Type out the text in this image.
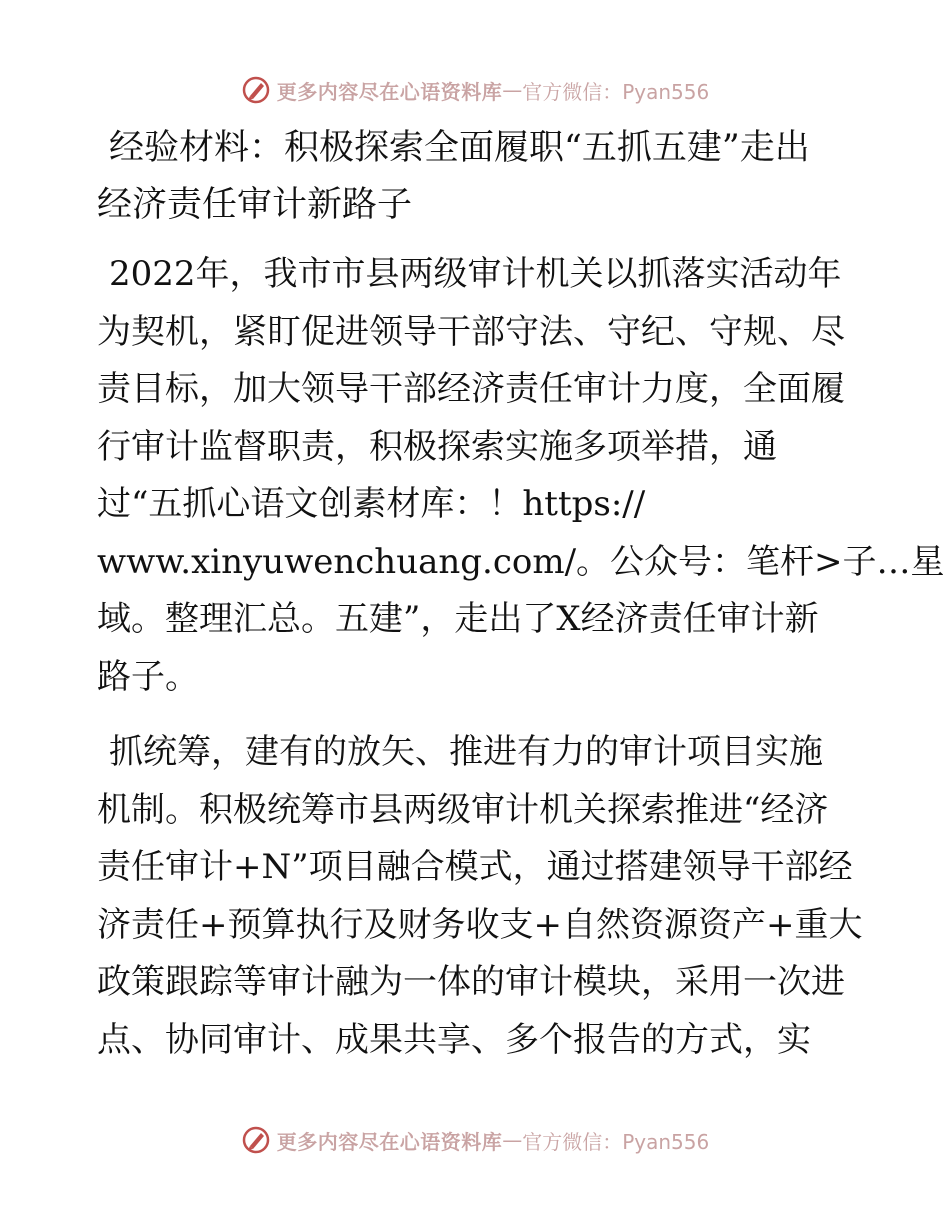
更多内容尽在心语资料库 — 官方微信：Pyan556
经验材料：积极探索全面履职“五抓五建”走出
经济责任审计新路子

2022年，我市市县两级审计机关以抓落实活动年
为契机，紧盯促进领导干部守法、守纪、守规、尽
责目标，加大领导干部经济责任审计力度，全面履
行审计监督职责，积极探索实施多项举措，通
过“五抓心语文创素材库：！https://
www.xinyuwenchuang.com/。公众号：笔杆>子…星
域。整理汇总。五建”，走出了X经济责任审计新
路子。

抓统筹，建有的放矢、推进有力的审计项目实施
机制。积极统筹市县两级审计机关探索推进“经济
责任审计+N”项目融合模式，通过搭建领导干部经
济责任+预算执行及财务收支+自然资源资产+重大
政策跟踪等审计融为一体的审计模块，采用一次进
点、协同审计、成果共享、多个报告的方式，实

更多内容尽在心语资料库 — 官方微信：Pyan556
